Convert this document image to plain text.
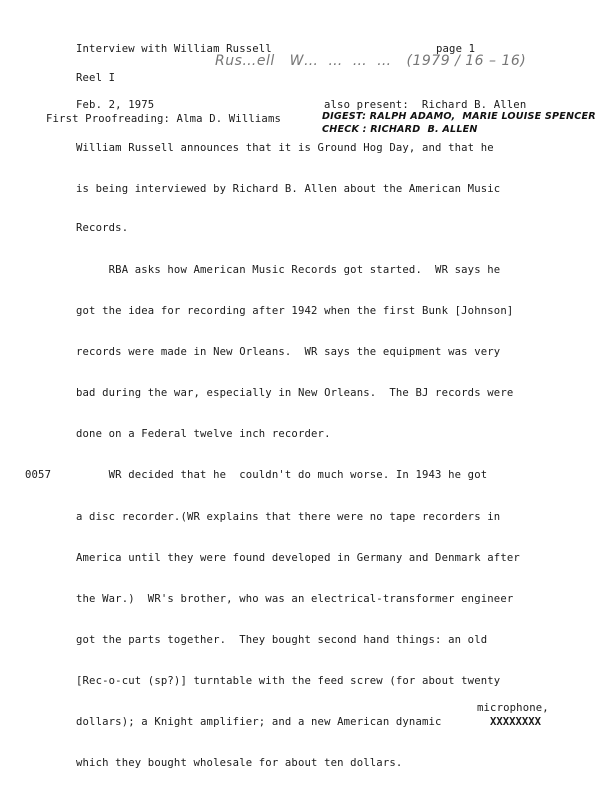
Interview with William Russell	page 1
Rus…ell   W…  …  …  …   (1979 / 16 – 16)
Reel I
Feb. 2, 1975	also present:  Richard B. Allen
First Proofreading: Alma D. Williams	DIGEST: RALPH ADAMO,  MARIE LOUISE SPENCER
CHECK : RICHARD  B. ALLEN
William Russell announces that it is Ground Hog Day, and that he
is being interviewed by Richard B. Allen about the American Music
Records.
RBA asks how American Music Records got started.  WR says he
got the idea for recording after 1942 when the first Bunk [Johnson]
records were made in New Orleans.  WR says the equipment was very
bad during the war, especially in New Orleans.  The BJ records were
done on a Federal twelve inch recorder.
0057 WR decided that he  couldn't do much worse. In 1943 he got
a disc recorder.(WR explains that there were no tape recorders in
America until they were found developed in Germany and Denmark after
the War.)  WR's brother, who was an electrical-transformer engineer
got the parts together.  They bought second hand things: an old
[Rec-o-cut (sp?)] turntable with the feed screw (for about twenty
microphone,
dollars); a Knight amplifier; and a new American dynamic	XXXXXXXX
which they bought wholesale for about ten dollars.
